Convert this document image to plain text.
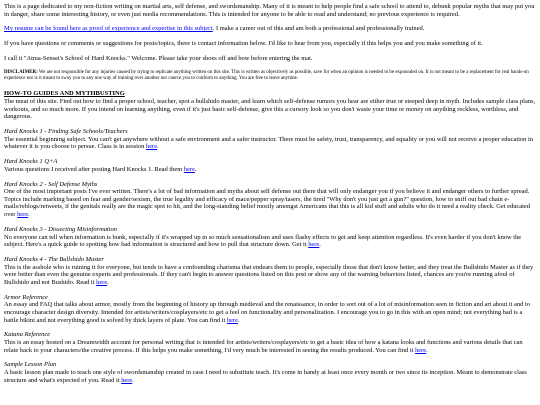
This is a page dedicated to my non-fiction writing on martial arts, self defense, and swordsmanship. Many of it is meant to help people find a safe school to attend to, debunk popular myths that may put you in danger, share some interesting history, or even just media recommendations. This is intended for anyone to be able to read and understand; no previous experience is required.

My resume can be found here as proof of experience and expertise in this subject. I make a career out of this and am both a professional and professionally trained.

If you have questions or comments or suggestions for posts/topics, there is contact information below. I'd like to hear from you, especially if this helps you and you make something of it.

I call it "Atma-Sensei's School of Hard Knocks." Welcome. Please take your shoes off and bow before entering the mat.

DISCLAIMER: We are not responsible for any injuries caused by trying to replicate anything written on this site. This is written as objectively as possible, save for when an opinion is needed to be expounded on. It is not meant to be a replacement for real hands-on experience nor is it meant to sway you to any one way of training over another nor coerce you to conform to anything. You are free to leave anytime.

HOW-TO GUIDES AND MYTHBUSTING

The meat of this site. Find out how to find a proper school, teacher, spot a bullshido master, and learn which self-defense rumors you hear are either true or steeped deep in myth. Includes sample class plans, workouts, and so much more. If you intend on learning anything, even if it's just basic self-defense, give this a cursory look so you don't waste your time or money on anything reckless, worthless, and dangerous.

Hard Knocks 1 - Finding Safe Schools/Teachers

The essential beginning subject. You can't get anywhere without a safe environment and a safer instructor. There must be safety, trust, transparency, and equality or you will not receive a proper education in whatever it is you choose to persue. Class is in session here.

Hard Knocks 1 Q+A

Various questions I received after posting Hard Knocks 1. Read them here.

Hard Knocks 2 - Self Defense Myths

One of the most important posts I've ever written. There's a lot of bad information and myths about self defense out there that will only endanger you if you believe it and endanger others to further spread. Topics include marking based on fear and gender/sexism, the true legality and efficacy of mace/pepper spray/tasers, the tired "Why don't you just get a gun?" question, how to sniff out bad chain e-mails/reblogs/retweets, if the genitals really are the magic spot to hit, and the long-standing belief mostly amongst Americans that this is all kid stuff and adults who do it need a reality check. Get educated over here.

Hard Knocks 3 - Dissecting Misinformation

No everyone can tell when information is bunk, especially if it's wrapped up in so much sensationalism and uses flashy effects to get and keep attention regardless. It's even harder if you don't know the subject. Here's a quick guide to spotting how bad information is structured and how to pull that structure down. Get it here.

Hard Knocks 4 - The Bullshido Master

This is the asshole who is ruining it for everyone, but tends to have a confounding charisma that endears them to people, especially those that don't know better, and they treat the Bullshido Master as if they were better than even the genuine experts and professionals. If they can't begin to answer questions listed on this post or show any of the warning behaviors listed, chances are you're running afoul of Bullshido and not Bushido. Read it here.

Armor Reference

An essay and FAQ that talks about armor, mostly from the beginning of history up through medieval and the renaissance, in order to sort out of a lot of misinformation seen in fiction and art about it and to encourage character design diversity. Intended for artists/writers/cosplayers/etc to get a feel on functionality and personalization. I encourage you to go in this with an open mind; not everything bad is a battle bikini and not everything good is solved by thick layers of plate. You can find it here.

Katana Reference

This is an essay hosted on a Dreamwidth account for personal writing that is intended for artists/writers/cosplayers/etc to get a basic idea of how a katana looks and functions and various details that can relate back to your characters/the creative process. If this helps you make something, I'd very much be interested in seeing the results produced. You can find it here.

Sample Lesson Plan

A basic lesson plan made to teach one style of swordsmanship created in case I need to substitute teach. It's come in handy at least once every month or two since its inception. Meant to demonstrate class structure and what's expected of you. Read it here.
